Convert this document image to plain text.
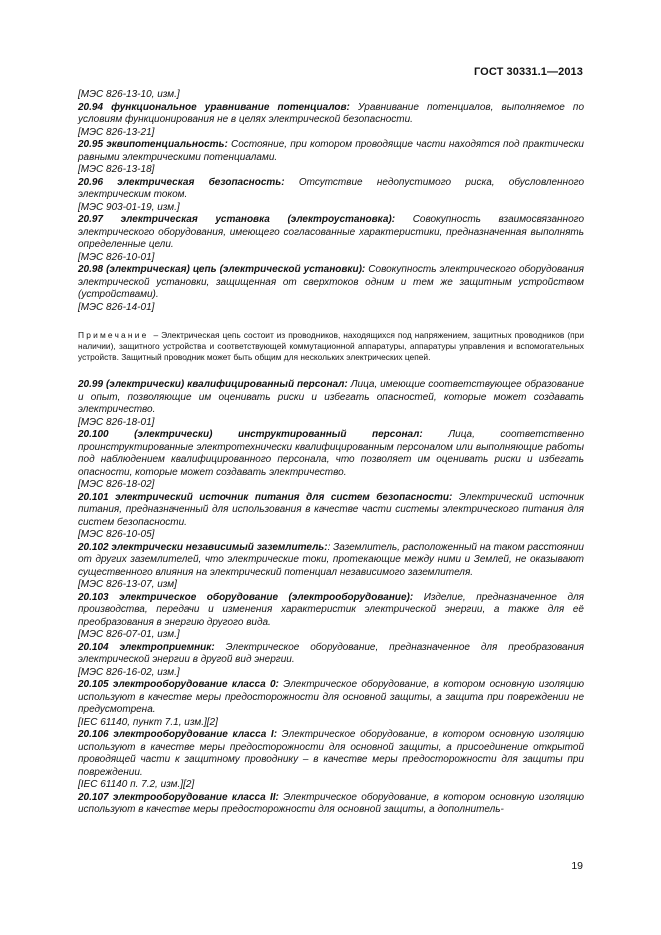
ГОСТ 30331.1—2013

[МЭС 826-13-10, изм.]

20.94 функциональное уравнивание потенциалов: Уравнивание потенциалов, выполняемое по условиям функционирования не в целях электрической безопасности.

[МЭС 826-13-21]

20.95 эквипотенциальность: Состояние, при котором проводящие части находятся под практически равными электрическими потенциалами.

[МЭС 826-13-18]

20.96 электрическая безопасность: Отсутствие недопустимого риска, обусловленного электрическим током.

[МЭС 903-01-19, изм.]

20.97 электрическая установка (электроустановка): Совокупность взаимосвязанного электрического оборудования, имеющего согласованные характеристики, предназначенная выполнять определенные цели.

[МЭС 826-10-01]

20.98 (электрическая) цепь (электрической установки): Совокупность электрического оборудования электрической установки, защищенная от сверхтоков одним и тем же защитным устройством (устройствами).

[МЭС 826-14-01]

Примечание – Электрическая цепь состоит из проводников, находящихся под напряжением, защитных проводников (при наличии), защитного устройства и соответствующей коммутационной аппаратуры, аппаратуры управления и вспомогательных устройств. Защитный проводник может быть общим для нескольких электрических цепей.

20.99 (электрически) квалифицированный персонал: Лица, имеющие соответствующее образование и опыт, позволяющие им оценивать риски и избегать опасностей, которые может создавать электричество.

[МЭС 826-18-01]

20.100	(электрически) инструктированный персонал:	Лица, соответственно проинструктированные электротехнически квалифицированным персоналом или выполняющие работы под наблюдением квалифицированного персонала, что позволяет им оценивать риски и избегать опасности, которые может создавать электричество.

[МЭС 826-18-02]

20.101 электрический источник питания для систем безопасности: Электрический источник питания, предназначенный для использования в качестве части системы электрического питания для систем безопасности.

[МЭС 826-10-05]

20.102 электрически независимый заземлитель:: Заземлитель, расположенный на таком расстоянии от других заземлителей, что электрические токи, протекающие между ними и Землей, не оказывают существенного влияния на электрический потенциал независимого заземлителя.

[МЭС 826-13-07, изм]

20.103 электрическое оборудование (электрооборудование): Изделие, предназначенное для производства, передачи и изменения характеристик электрической энергии, а также для её преобразования в энергию другого вида.

[МЭС 826-07-01, изм.]

20.104 электроприемник: Электрическое оборудование, предназначенное для преобразования электрической энергии в другой вид энергии.

[МЭС 826-16-02, изм.]

20.105 электрооборудование класса 0: Электрическое оборудование, в котором основную изоляцию используют в качестве меры предосторожности для основной защиты, а защита при повреждении не предусмотрена.

[IEC 61140, пункт 7.1, изм.][2]

20.106 электрооборудование класса I: Электрическое оборудование, в котором основную изоляцию используют в качестве меры предосторожности для основной защиты, а присоединение открытой проводящей части к защитному проводнику – в качестве меры предосторожности для защиты при повреждении.

[IEC 61140 п. 7.2, изм.][2]

20.107 электрооборудование класса II: Электрическое оборудование, в котором основную изоляцию используют в качестве меры предосторожности для основной защиты, а дополнитель-

19
